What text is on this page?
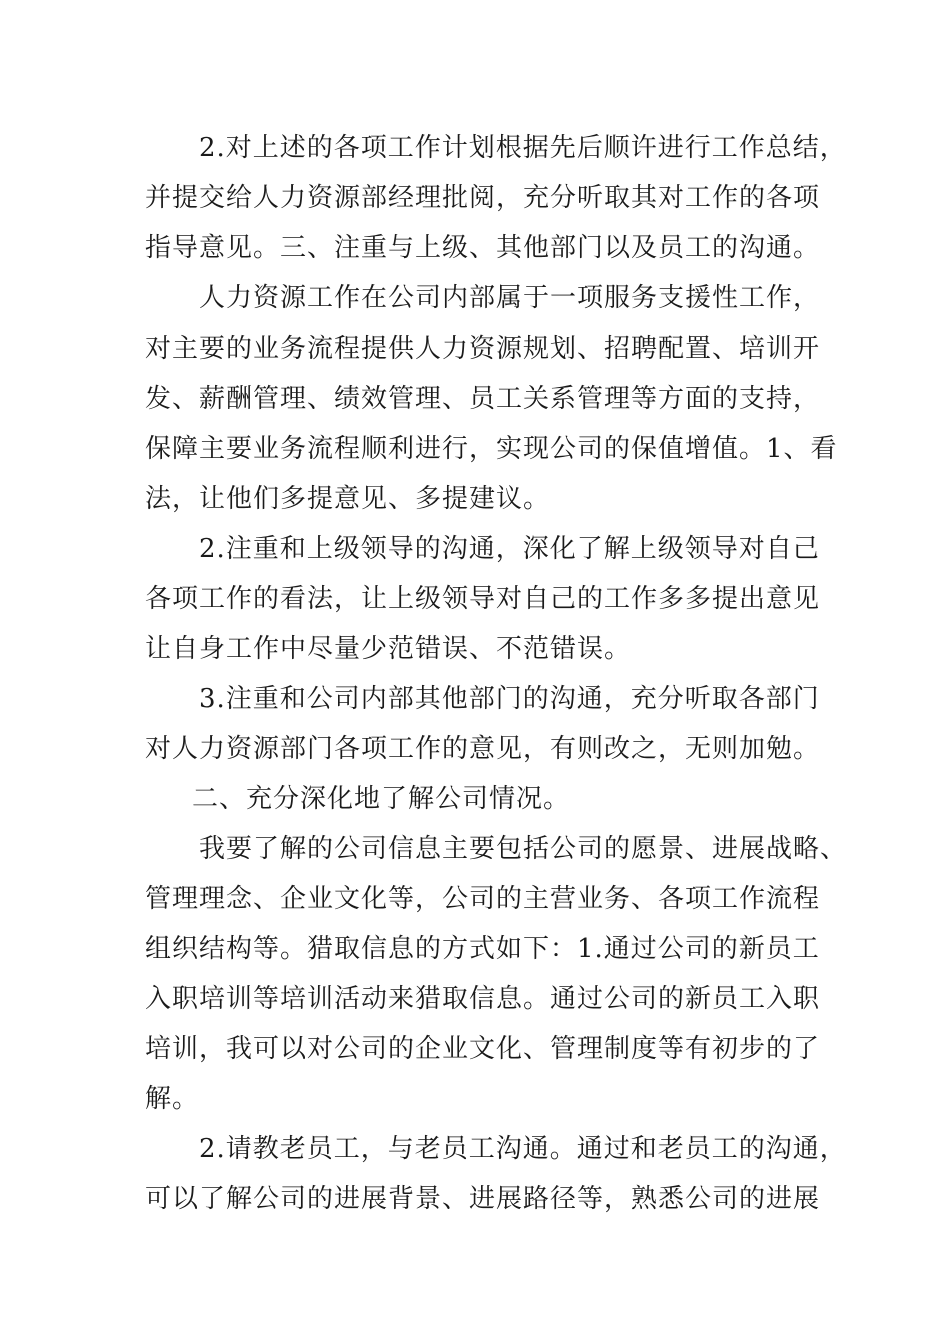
2.对上述的各项工作计划根据先后顺许进行工作总结，
并提交给人力资源部经理批阅，充分听取其对工作的各项
指导意见。三、注重与上级、其他部门以及员工的沟通。
人力资源工作在公司内部属于一项服务支援性工作，
对主要的业务流程提供人力资源规划、招聘配置、培训开
发、薪酬管理、绩效管理、员工关系管理等方面的支持，
保障主要业务流程顺利进行，实现公司的保值增值。1、看
法，让他们多提意见、多提建议。
2.注重和上级领导的沟通，深化了解上级领导对自己
各项工作的看法，让上级领导对自己的工作多多提出意见
让自身工作中尽量少范错误、不范错误。
3.注重和公司内部其他部门的沟通，充分听取各部门
对人力资源部门各项工作的意见，有则改之，无则加勉。
二、充分深化地了解公司情况。
我要了解的公司信息主要包括公司的愿景、进展战略、
管理理念、企业文化等，公司的主营业务、各项工作流程
组织结构等。猎取信息的方式如下：1.通过公司的新员工
入职培训等培训活动来猎取信息。通过公司的新员工入职
培训，我可以对公司的企业文化、管理制度等有初步的了
解。
2.请教老员工，与老员工沟通。通过和老员工的沟通，
可以了解公司的进展背景、进展路径等，熟悉公司的进展
